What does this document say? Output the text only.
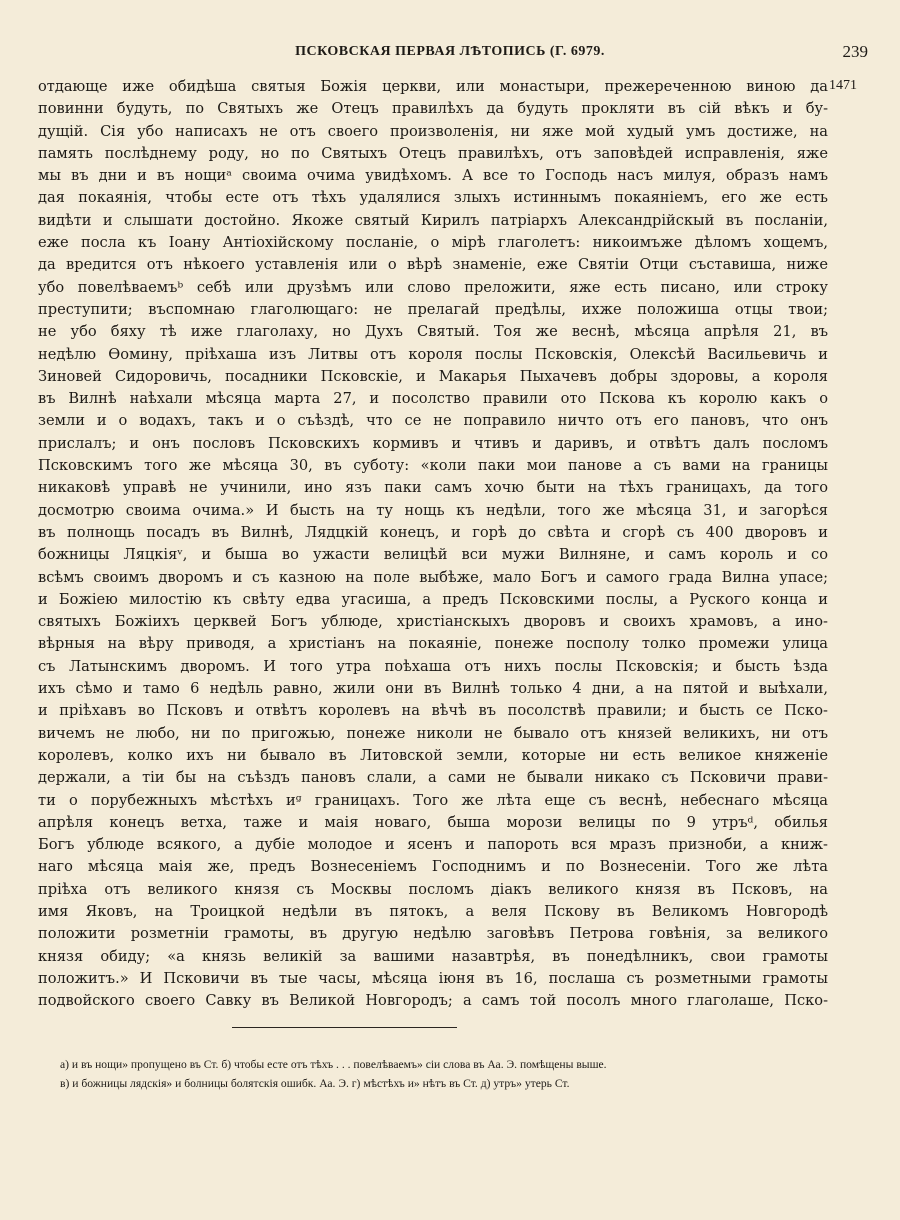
ПСКОВСКАЯ ПЕРВАЯ ЛѢТОПИСЬ (Г. 6979.	239
1471
отдающе иже обидѣша святыя Божія церкви, или монастыри, прежереченною виною да
повинни будуть, по Святыхъ же Отецъ правилѣхъ да будуть прокляти въ сій вѣкъ и бу-
дущій. Сія убо написахъ не отъ своего произволенія, ни яже мой худый умъ достиже, на
память послѣднему роду, но по Святыхъ Отецъ правилѣхъ, отъ заповѣдей исправленія, яже
мы въ дни и въ нощиᵃ своима очима увидѣхомъ. А все то Господь насъ милуя, образъ намъ
дая покаянія, чтобы есте отъ тѣхъ удалялися злыхъ истиннымъ покаяніемъ, его же есть
видѣти и слышати достойно. Якоже святый Кирилъ патріархъ Александрійскый въ посланіи,
еже посла къ Іоану Антіохійскому посланіе, о мірѣ глаголетъ: никоимъже дѣломъ хощемъ,
да вредится отъ нѣкоего уставленія или о вѣрѣ знаменіе, еже Святіи Отци съставиша, ниже
убо повелѣваемъᵇ себѣ или друзѣмъ или слово преложити, яже есть писано, или строку
преступити; въспомнаю глаголющаго: не прелагай предѣлы, ихже положиша отцы твои;
не убо бяху тѣ иже глаголаху, но Духъ Святый. Тоя же веснѣ, мѣсяца апрѣля 21, въ
недѣлю Ѳомину, пріѣхаша изъ Литвы отъ короля послы Псковскія, Олексѣй Васильевичь и
Зиновей Сидоровичь, посадники Псковскіе, и Макарья Пыхачевъ добры здоровы, а короля
въ Вилнѣ наѣхали мѣсяца марта 27, и посолство правили ото Пскова къ королю какъ о
земли и о водахъ, такъ и о съѣздѣ, что се не поправило ничто отъ его пановъ, что онъ
прислалъ; и онъ пословъ Псковскихъ кормивъ и чтивъ и даривъ, и отвѣтъ далъ посломъ
Псковскимъ того же мѣсяца 30, въ суботу: «коли паки мои панове а съ вами на границы
никаковѣ управѣ не учинили, ино язъ паки самъ хочю быти на тѣхъ границахъ, да того
досмотрю своима очима.» И бысть на ту нощь къ недѣли, того же мѣсяца 31, и загорѣся
въ полнощь посадъ въ Вилнѣ, Лядцкій конецъ, и горѣ до свѣта и сгорѣ съ 400 дворовъ и
божницы Ляцкіяᵛ, и быша во ужасти велицѣй вси мужи Вилняне, и самъ король и со
всѣмъ своимъ дворомъ и съ казною на поле выбѣже, мало Богъ и самого града Вилна упасе;
и Божіею милостію къ свѣту едва угасиша, а предъ Псковскими послы, а Руского конца и
святыхъ Божіихъ церквей Богъ ублюде, христіанскыхъ дворовъ и своихъ храмовъ, а ино-
вѣрныя на вѣру приводя, а христіанъ на покаяніе, понеже посполу толко промежи улица
съ Латынскимъ дворомъ. И того утра поѣхаша отъ нихъ послы Псковскія; и бысть ѣзда
ихъ сѣмо и тамо 6 недѣль равно, жили они въ Вилнѣ только 4 дни, а на пятой и выѣхали,
и пріѣхавъ во Псковъ и отвѣтъ королевъ на вѣчѣ въ посолствѣ правили; и бысть се Пско-
вичемъ не любо, ни по пригожью, понеже николи не бывало отъ князей великихъ, ни отъ
королевъ, колко ихъ ни бывало въ Литовской земли, которые ни есть великое княженіе
держали, а тіи бы на съѣздъ пановъ слали, а сами не бывали никако съ Псковичи прави-
ти о порубежныхъ мѣстѣхъ иᵍ границахъ. Того же лѣта еще съ веснѣ, небеснаго мѣсяца
апрѣля конецъ ветха, таже и маія новаго, быша морози велицы по 9 утръᵈ, обилья
Богъ ублюде всякого, а дубіе молодое и ясенъ и папороть вся мразъ призноби, а книж-
наго мѣсяца маія же, предъ Вознесеніемъ Господнимъ и по Вознесеніи. Того же лѣта
пріѣха отъ великого князя съ Москвы посломъ діакъ великого князя въ Псковъ, на
имя Яковъ, на Троицкой недѣли въ пятокъ, а веля Пскову въ Великомъ Новгородѣ
положити розметніи грамоты, въ другую недѣлю заговѣвъ Петрова говѣнія, за великого
князя обиду; «а князь великій за вашими назавтрѣя, въ понедѣлникъ, свои грамоты
положитъ.» И Псковичи въ тые часы, мѣсяца іюня въ 16, послаша съ розметными грамоты
подвойского своего Савку въ Великой Новгородъ; а самъ той посолъ много глаголаше, Пско-
а) и въ нощи» пропущено въ Ст. б) чтобы есте отъ тѣхъ . . . повелѣваемъ» сіи слова въ Аа. Э. помѣщены выше.
в) и божницы лядскія» и болницы болятскія ошибк. Аа. Э. г) мѣстѣхъ и» нѣтъ въ Ст. д) утръ» утерь Ст.
